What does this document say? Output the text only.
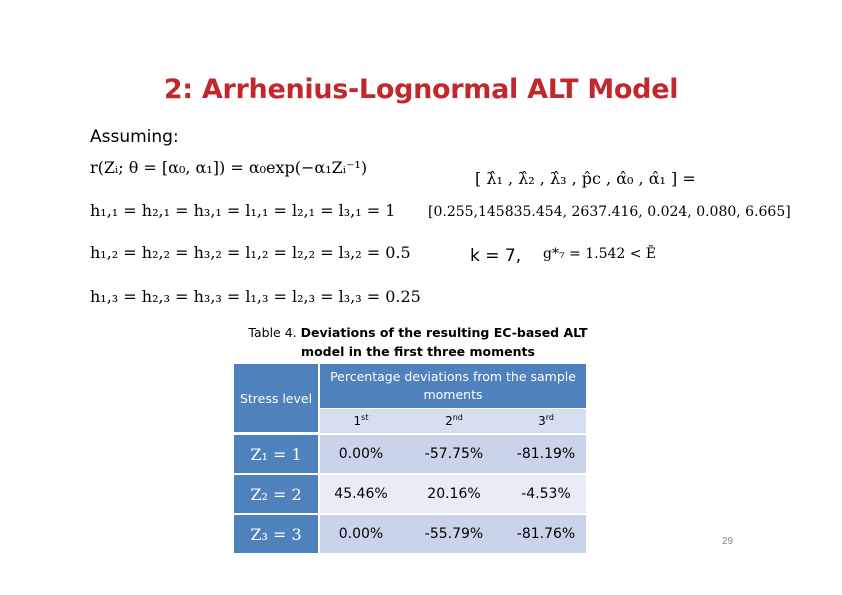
2: Arrhenius-Lognormal ALT Model
Assuming:
r(Zᵢ; θ = [α₀, α₁]) = α₀exp(−α₁Zᵢ⁻¹)
h₁,₁ = h₂,₁ = h₃,₁ = l₁,₁ = l₂,₁ = l₃,₁ = 1
h₁,₂ = h₂,₂ = h₃,₂ = l₁,₂ = l₂,₂ = l₃,₂ = 0.5
h₁,₃ = h₂,₃ = h₃,₃ = l₁,₃ = l₂,₃ = l₃,₃ = 0.25
[ λ̂₁ , λ̂₂ , λ̂₃ , p̂c , α̂₀ , α̂₁ ] =
[0.255,145835.454, 2637.416, 0.024, 0.080, 6.665]
k = 7, g*₇ = 1.542 < Ẽ
Table 4. Deviations of the resulting EC-based ALT model in the first three moments
Stress level	Percentage deviations from the sample moments		
	1st	2nd	3rd
Z₁ = 1	0.00%	-57.75%	-81.19%
Z₂ = 2	45.46%	20.16%	-4.53%
Z₃ = 3	0.00%	-55.79%	-81.76%	29
